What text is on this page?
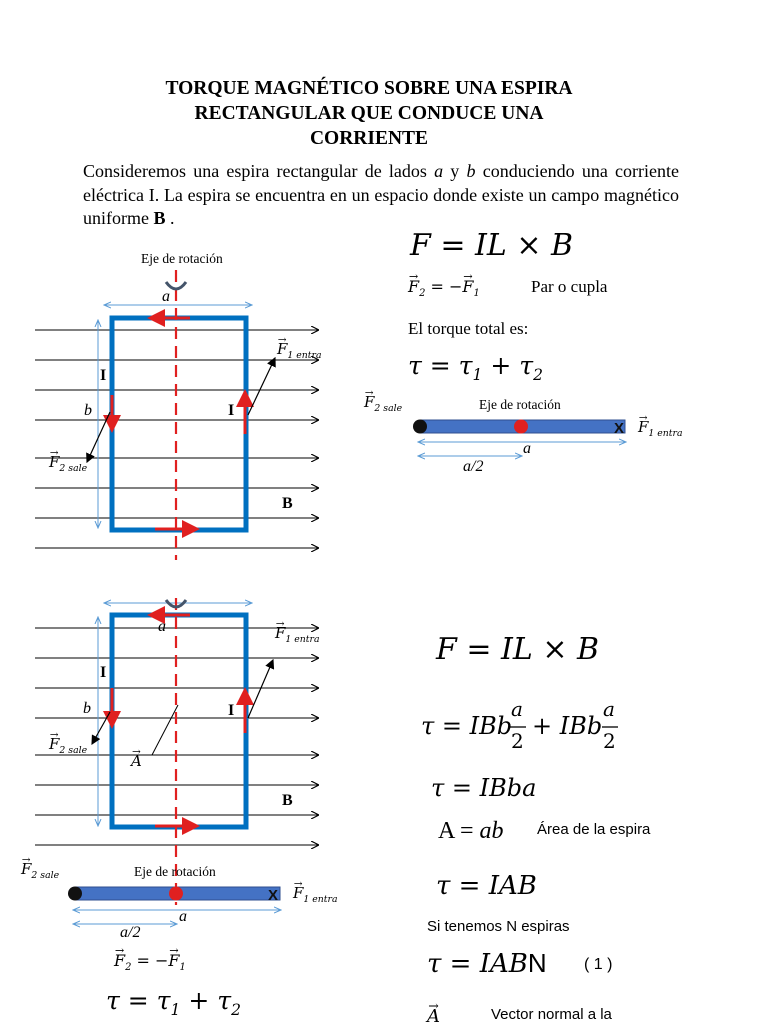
TORQUE MAGNÉTICO SOBRE UNA ESPIRA
RECTANGULAR QUE CONDUCE UNA
CORRIENTE
Consideremos una espira rectangular de lados a y b conduciendo una corriente eléctrica I. La espira se encuentra en un espacio donde existe un campo magnético uniforme B .
X
X
Eje de rotación
a
b
I
I
B
→ $F_{1 entra}$
→ $F_{2 sale}$
F = IL × B
→ $F_2$ = −→ $F_1$	Par o cupla
El torque total es:
$\tau = \tau_1 + \tau_2$
Eje de rotación
→ $F_{2 sale}$
→ $F_{1 entra}$
a
a/2
a
b
I
I
B
→ $F_{1 entra}$
→ $F_{2 sale}$
→ A
Eje de rotación
→ $F_{2 sale}$
→ $F_{1 entra}$
a
a/2
→ $F_2$ = −→ $F_1$
$\tau = \tau_1 + \tau_2$
F = IL × B
τ = IBb
a
2
+ IBb
a
2
τ = IBba
A = ab Área de la espira
τ = IAB
Si tenemos N espiras
τ = IABN ( 1 )
→ A	Vector normal a la
